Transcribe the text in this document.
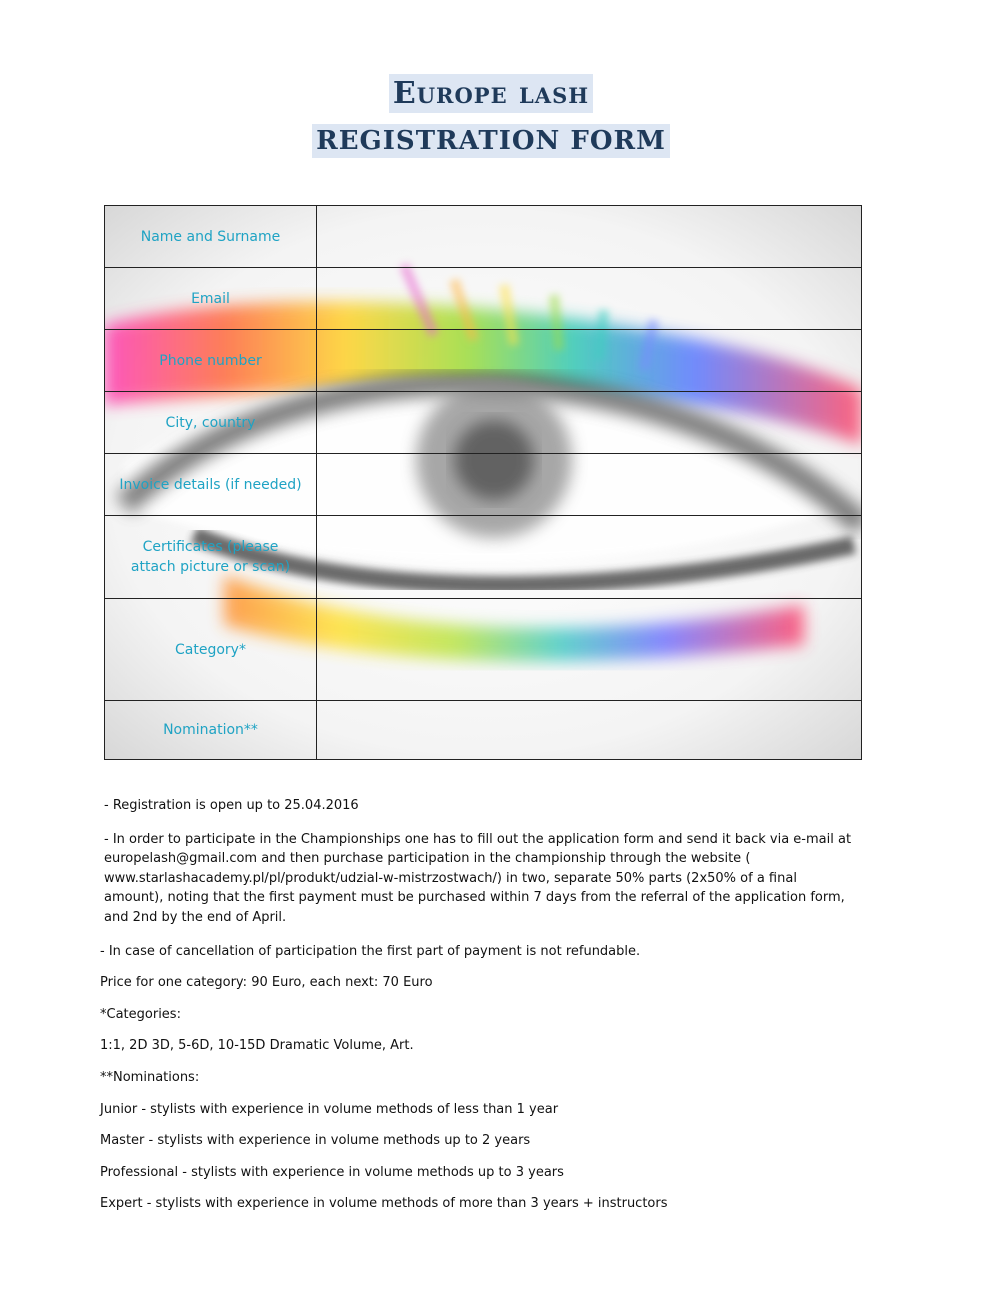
Europe lash
REGISTRATION FORM
Name and Surname	
Email	
Phone number	
City, country	
Invoice details (if needed)	
Certificates (please attach picture or scan)	
Category*	
Nomination**	

- Registration is open up to 25.04.2016

- In order to participate in the Championships one has to fill out the application form and send it back via e-mail at europelash@gmail.com and then purchase participation in the championship through the website ( www.starlashacademy.pl/pl/produkt/udzial-w-mistrzostwach/) in two, separate 50% parts (2x50% of a final amount), noting that the first payment must be purchased within 7 days from the referral of the application form, and 2nd by the end of April.

- In case of cancellation of participation the first part of payment is not refundable.

Price for one category: 90 Euro, each next: 70 Euro

*Categories:

1:1, 2D 3D, 5-6D, 10-15D Dramatic Volume, Art.

**Nominations:

Junior - stylists with experience in volume methods of less than 1 year

Master - stylists with experience in volume methods up to 2 years

Professional - stylists with experience in volume methods up to 3 years

Expert - stylists with experience in volume methods of more than 3 years + instructors
